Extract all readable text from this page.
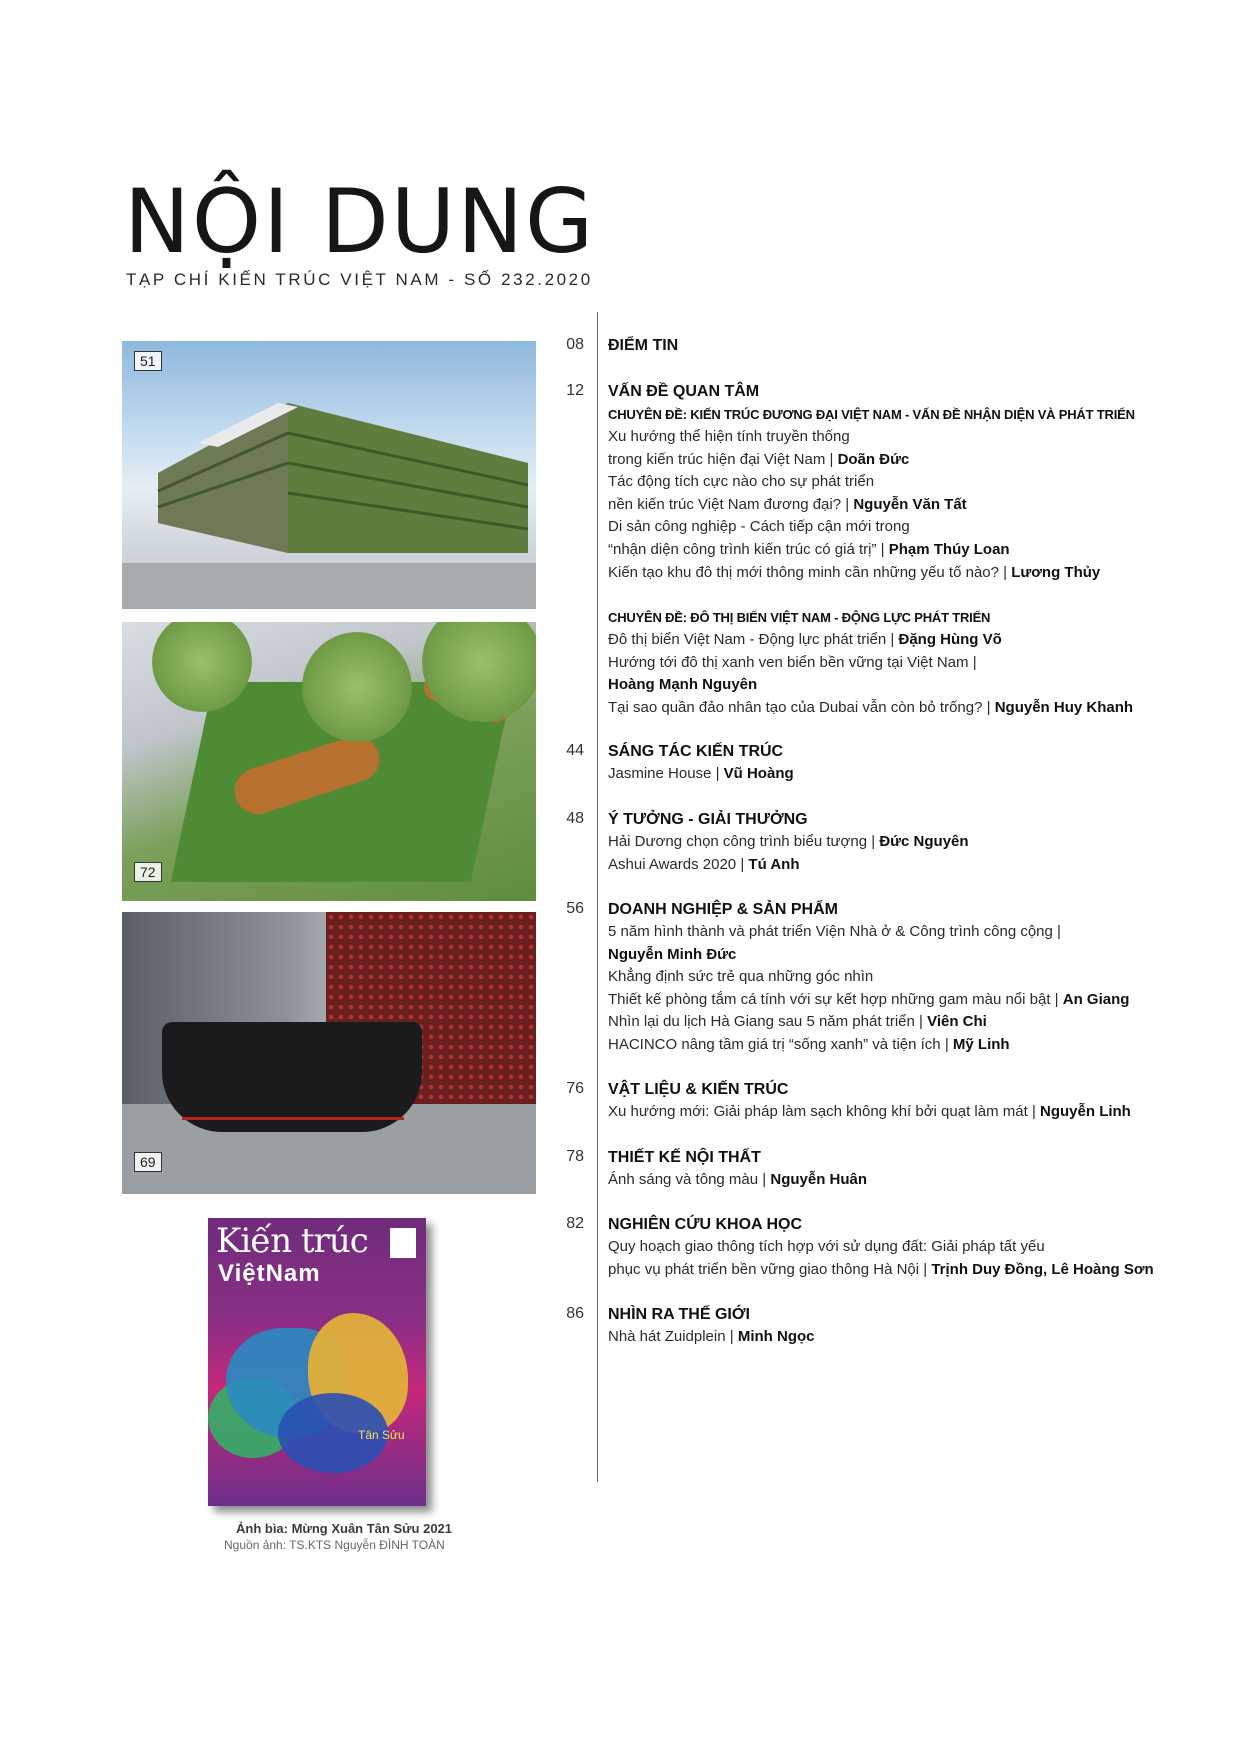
NỘI DUNG
TẠP CHÍ KIẾN TRÚC VIỆT NAM - SỐ 232.2020
51
72
69
Kiến trúc
ViệtNam
Tân Sửu
Ảnh bìa: Mừng Xuân Tân Sửu 2021
Nguồn ảnh: TS.KTS Nguyễn ĐÌNH TOÀN
08 ĐIỂM TIN
12 VẤN ĐỀ QUAN TÂM
CHUYÊN ĐỀ: KIẾN TRÚC ĐƯƠNG ĐẠI VIỆT NAM - VẤN ĐỀ NHẬN DIỆN VÀ PHÁT TRIỂN
Xu hướng thể hiện tính truyền thống
trong kiến trúc hiện đại Việt Nam | Doãn Đức
Tác động tích cực nào cho sự phát triển
nền kiến trúc Việt Nam đương đại? | Nguyễn Văn Tất
Di sản công nghiệp - Cách tiếp cận mới trong
“nhận diện công trình kiến trúc có giá trị” | Phạm Thúy Loan
Kiến tạo khu đô thị mới thông minh cần những yếu tố nào? | Lương Thủy
CHUYÊN ĐỀ: ĐÔ THỊ BIỂN VIỆT NAM - ĐỘNG LỰC PHÁT TRIỂN
Đô thị biển Việt Nam - Động lực phát triển | Đặng Hùng Võ
Hướng tới đô thị xanh ven biển bền vững tại Việt Nam |
Hoàng Mạnh Nguyên
Tại sao quần đảo nhân tạo của Dubai vẫn còn bỏ trống? | Nguyễn Huy Khanh
44 SÁNG TÁC KIẾN TRÚC
Jasmine House | Vũ Hoàng
48 Ý TƯỞNG - GIẢI THƯỞNG
Hải Dương chọn công trình biểu tượng | Đức Nguyên
Ashui Awards 2020 | Tú Anh
56 DOANH NGHIỆP & SẢN PHẨM
5 năm hình thành và phát triển Viện Nhà ở & Công trình công cộng |
Nguyễn Minh Đức
Khẳng định sức trẻ qua những góc nhìn
Thiết kế phòng tắm cá tính với sự kết hợp những gam màu nổi bật | An Giang
Nhìn lại du lịch Hà Giang sau 5 năm phát triển | Viên Chi
HACINCO nâng tầm giá trị “sống xanh” và tiện ích | Mỹ Linh
76 VẬT LIỆU & KIẾN TRÚC
Xu hướng mới: Giải pháp làm sạch không khí bởi quạt làm mát | Nguyễn Linh
78 THIẾT KẾ NỘI THẤT
Ánh sáng và tông màu | Nguyễn Huân
82 NGHIÊN CỨU KHOA HỌC
Quy hoạch giao thông tích hợp với sử dụng đất: Giải pháp tất yếu
phục vụ phát triển bền vững giao thông Hà Nội | Trịnh Duy Đồng, Lê Hoàng Sơn
86 NHÌN RA THẾ GIỚI
Nhà hát Zuidplein | Minh Ngọc
